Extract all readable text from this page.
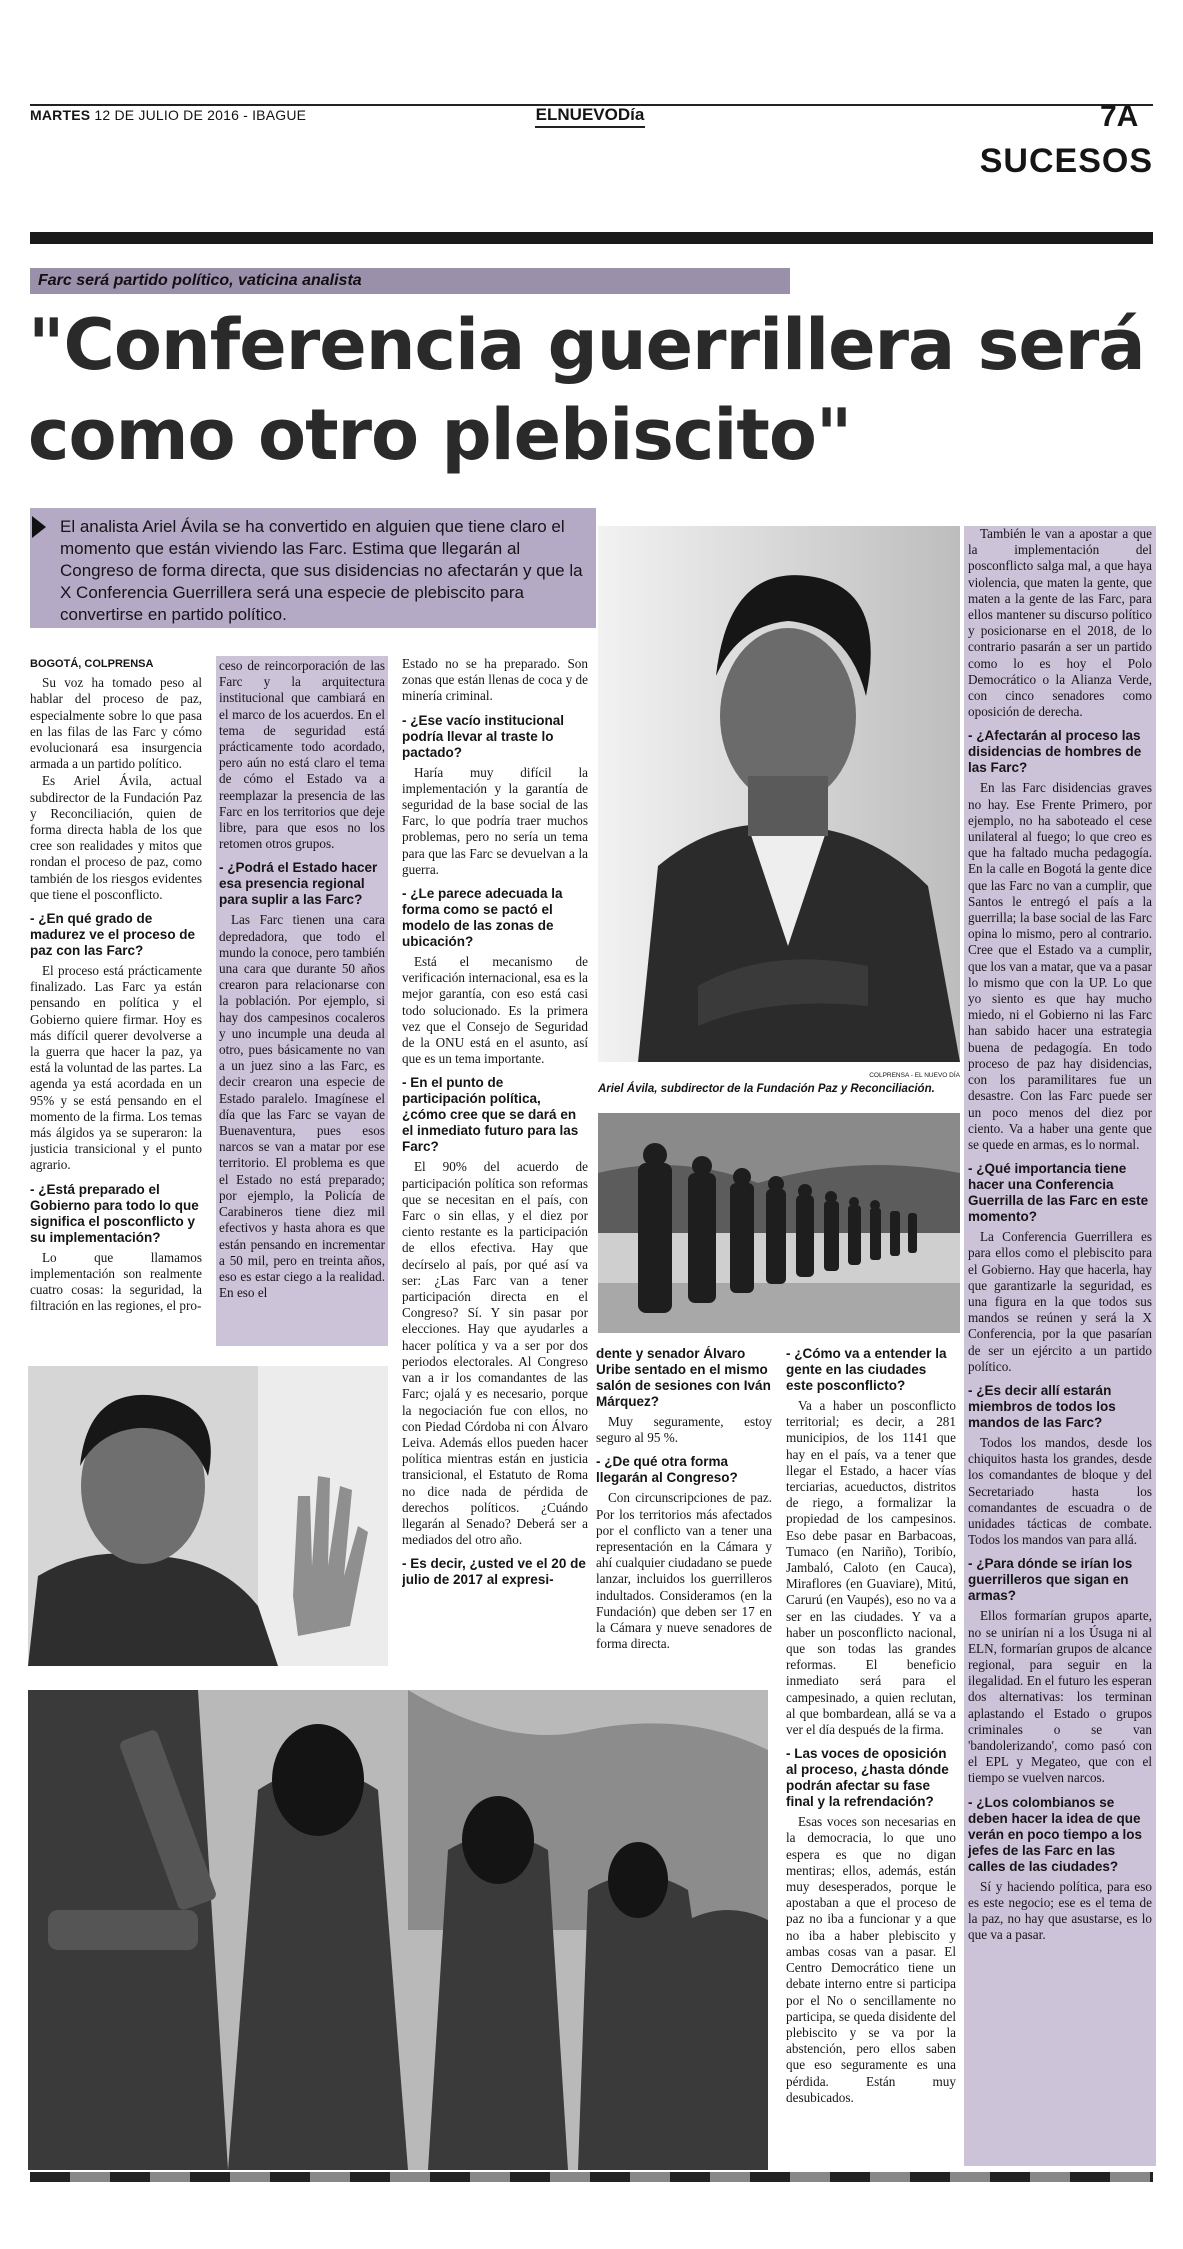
MARTES 12 DE JULIO DE 2016 - IBAGUE	ELNUEVODía	7A
SUCESOS
Farc será partido político, vaticina analista
"Conferencia guerrillera será como otro plebiscito"
El analista Ariel Ávila se ha convertido en alguien que tiene claro el momento que están viviendo las Farc. Estima que llegarán al Congreso de forma directa, que sus disidencias no afectarán y que la X Conferencia Guerrillera será una especie de plebiscito para convertirse en partido político.
BOGOTÁ, COLPRENSA

Su voz ha tomado peso al hablar del proceso de paz, especialmente sobre lo que pasa en las filas de las Farc y cómo evolucionará esa insurgencia armada a un partido político.

Es Ariel Ávila, actual subdirector de la Fundación Paz y Reconciliación, quien de forma directa habla de los que cree son realidades y mitos que rondan el proceso de paz, como también de los riesgos evidentes que tiene el posconflicto.

- ¿En qué grado de madurez ve el proceso de paz con las Farc?

El proceso está prácticamente finalizado. Las Farc ya están pensando en política y el Gobierno quiere firmar. Hoy es más difícil querer devolverse a la guerra que hacer la paz, ya está la voluntad de las partes. La agenda ya está acordada en un 95% y se está pensando en el momento de la firma. Los temas más álgidos ya se superaron: la justicia transicional y el punto agrario.

- ¿Está preparado el Gobierno para todo lo que significa el posconflicto y su implementación?

Lo que llamamos implementación son realmente cuatro cosas: la seguridad, la filtración en las regiones, el pro-

ceso de reincorporación de las Farc y la arquitectura institucional que cambiará en el marco de los acuerdos. En el tema de seguridad está prácticamente todo acordado, pero aún no está claro el tema de cómo el Estado va a reemplazar la presencia de las Farc en los territorios que deje libre, para que esos no los retomen otros grupos.

- ¿Podrá el Estado hacer esa presencia regional para suplir a las Farc?

Las Farc tienen una cara depredadora, que todo el mundo la conoce, pero también una cara que durante 50 años crearon para relacionarse con la población. Por ejemplo, si hay dos campesinos cocaleros y uno incumple una deuda al otro, pues básicamente no van a un juez sino a las Farc, es decir crearon una especie de Estado paralelo. Imagínese el día que las Farc se vayan de Buenaventura, pues esos narcos se van a matar por ese territorio. El problema es que el Estado no está preparado; por ejemplo, la Policía de Carabineros tiene diez mil efectivos y hasta ahora es que están pensando en incrementar a 50 mil, pero en treinta años, eso es estar ciego a la realidad. En eso el

Estado no se ha preparado. Son zonas que están llenas de coca y de minería criminal.

- ¿Ese vacío institucional podría llevar al traste lo pactado?

Haría muy difícil la implementación y la garantía de seguridad de la base social de las Farc, lo que podría traer muchos problemas, pero no sería un tema para que las Farc se devuelvan a la guerra.

- ¿Le parece adecuada la forma como se pactó el modelo de las zonas de ubicación?

Está el mecanismo de verificación internacional, esa es la mejor garantía, con eso está casi todo solucionado. Es la primera vez que el Consejo de Seguridad de la ONU está en el asunto, así que es un tema importante.

- En el punto de participación política, ¿cómo cree que se dará en el inmediato futuro para las Farc?

El 90% del acuerdo de participación política son reformas que se necesitan en el país, con Farc o sin ellas, y el diez por ciento restante es la participación de ellos efectiva. Hay que decírselo al país, por qué así va ser: ¿Las Farc van a tener participación directa en el Congreso? Sí. Y sin pasar por elecciones. Hay que ayudarles a hacer política y va a ser por dos periodos electorales. Al Congreso van a ir los comandantes de las Farc; ojalá y es necesario, porque la negociación fue con ellos, no con Piedad Córdoba ni con Álvaro Leiva. Además ellos pueden hacer política mientras están en justicia transicional, el Estatuto de Roma no dice nada de pérdida de derechos políticos. ¿Cuándo llegarán al Senado? Deberá ser a mediados del otro año.

- Es decir, ¿usted ve el 20 de julio de 2017 al expresi-
dente y senador Álvaro Uribe sentado en el mismo salón de sesiones con Iván Márquez?

Muy seguramente, estoy seguro al 95 %.

- ¿De qué otra forma llegarán al Congreso?

Con circunscripciones de paz. Por los territorios más afectados por el conflicto van a tener una representación en la Cámara y ahí cualquier ciudadano se puede lanzar, incluidos los guerrilleros indultados. Consideramos (en la Fundación) que deben ser 17 en la Cámara y nueve senadores de forma directa.

- ¿Cómo va a entender la gente en las ciudades este posconflicto?

Va a haber un posconflicto territorial; es decir, a 281 municipios, de los 1141 que hay en el país, va a tener que llegar el Estado, a hacer vías terciarias, acueductos, distritos de riego, a formalizar la propiedad de los campesinos. Eso debe pasar en Barbacoas, Tumaco (en Nariño), Toribío, Jambaló, Caloto (en Cauca), Miraflores (en Guaviare), Mitú, Carurú (en Vaupés), eso no va a ser en las ciudades. Y va a haber un posconflicto nacional, que son todas las grandes reformas. El beneficio inmediato será para el campesinado, a quien reclutan, al que bombardean, allá se va a ver el día después de la firma.

- Las voces de oposición al proceso, ¿hasta dónde podrán afectar su fase final y la refrendación?

Esas voces son necesarias en la democracia, lo que uno espera es que no digan mentiras; ellos, además, están muy desesperados, porque le apostaban a que el proceso de paz no iba a funcionar y a que no iba a haber plebiscito y ambas cosas van a pasar. El Centro Democrático tiene un debate interno entre si participa por el No o sencillamente no participa, se queda disidente del plebiscito y se va por la abstención, pero ellos saben que eso seguramente es una pérdida. Están muy desubicados.

También le van a apostar a que la implementación del posconflicto salga mal, a que haya violencia, que maten la gente, que maten a la gente de las Farc, para ellos mantener su discurso político y posicionarse en el 2018, de lo contrario pasarán a ser un partido como lo es hoy el Polo Democrático o la Alianza Verde, con cinco senadores como oposición de derecha.

- ¿Afectarán al proceso las disidencias de hombres de las Farc?

En las Farc disidencias graves no hay. Ese Frente Primero, por ejemplo, no ha saboteado el cese unilateral al fuego; lo que creo es que ha faltado mucha pedagogía. En la calle en Bogotá la gente dice que las Farc no van a cumplir, que Santos le entregó el país a la guerrilla; la base social de las Farc opina lo mismo, pero al contrario. Cree que el Estado va a cumplir, que los van a matar, que va a pasar lo mismo que con la UP. Lo que yo siento es que hay mucho miedo, ni el Gobierno ni las Farc han sabido hacer una estrategia buena de pedagogía. En todo proceso de paz hay disidencias, con los paramilitares fue un desastre. Con las Farc puede ser un poco menos del diez por ciento. Va a haber una gente que se quede en armas, es lo normal.

- ¿Qué importancia tiene hacer una Conferencia Guerrilla de las Farc en este momento?

La Conferencia Guerrillera es para ellos como el plebiscito para el Gobierno. Hay que hacerla, hay que garantizarle la seguridad, es una figura en la que todos sus mandos se reúnen y será la X Conferencia, por la que pasarían de ser un ejército a un partido político.

- ¿Es decir allí estarán miembros de todos los mandos de las Farc?

Todos los mandos, desde los chiquitos hasta los grandes, desde los comandantes de bloque y del Secretariado hasta los comandantes de escuadra o de unidades tácticas de combate. Todos los mandos van para allá.

- ¿Para dónde se irían los guerrilleros que sigan en armas?

Ellos formarían grupos aparte, no se unirían ni a los Úsuga ni al ELN, formarían grupos de alcance regional, para seguir en la ilegalidad. En el futuro les esperan dos alternativas: los terminan aplastando el Estado o grupos criminales o se van 'bandolerizando', como pasó con el EPL y Megateo, que con el tiempo se vuelven narcos.

- ¿Los colombianos se deben hacer la idea de que verán en poco tiempo a los jefes de las Farc en las calles de las ciudades?

Sí y haciendo política, para eso es este negocio; ese es el tema de la paz, no hay que asustarse, es lo que va a pasar.

COLPRENSA - EL NUEVO DÍA
Ariel Ávila, subdirector de la Fundación Paz y Reconciliación.
